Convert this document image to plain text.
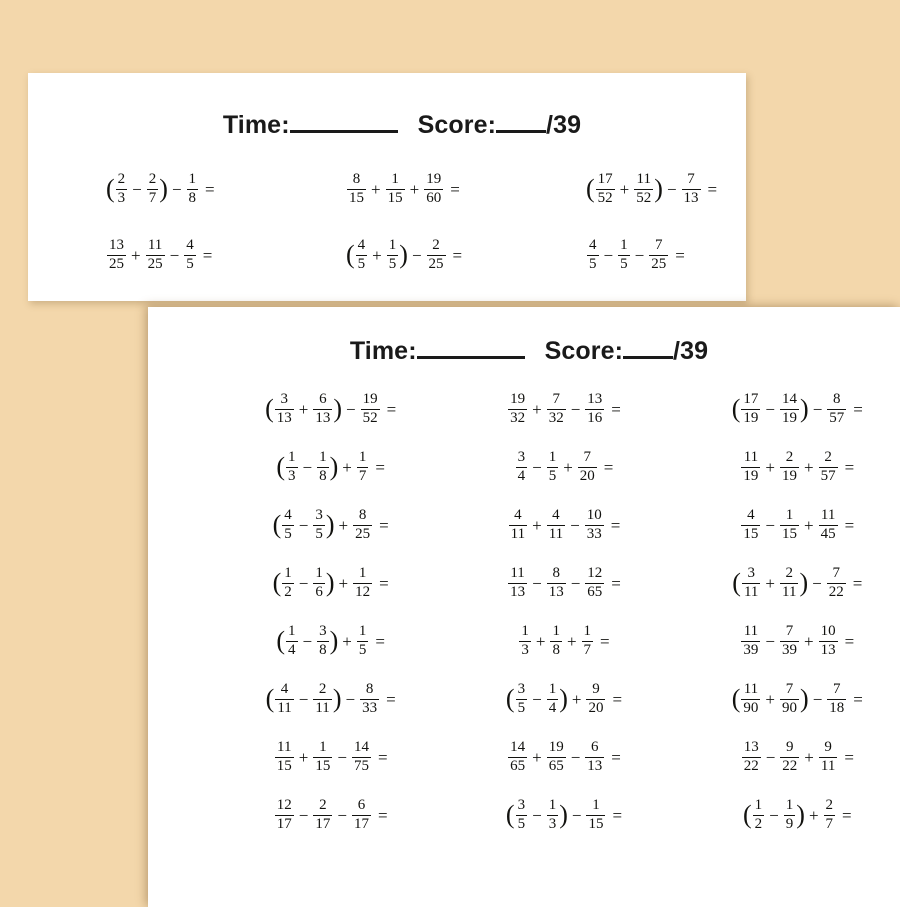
Time:	Score: /39
( $\frac{2}{3} - \frac{2}{7}$ ) − $\frac{1}{8}$ =	$\frac{8}{15} + \frac{1}{15} + \frac{19}{60}$ =	( $\frac{17}{52} + \frac{11}{52}$ ) − $\frac{7}{13}$ =
$\frac{13}{25} + \frac{11}{25} - \frac{4}{5}$ =	( $\frac{4}{5} + \frac{1}{5}$ ) − $\frac{2}{25}$ =	$\frac{4}{5} - \frac{1}{5} - \frac{7}{25}$ =
Time:	Score: /39
( $\frac{3}{13} + \frac{6}{13}$ ) − $\frac{19}{52}$ =	$\frac{19}{32} + \frac{7}{32} - \frac{13}{16}$ =	( $\frac{17}{19} - \frac{14}{19}$ ) − $\frac{8}{57}$ =
( $\frac{1}{3} - \frac{1}{8}$ ) + $\frac{1}{7}$ =	$\frac{3}{4} - \frac{1}{5} + \frac{7}{20}$ =	$\frac{11}{19} + \frac{2}{19} + \frac{2}{57}$ =
( $\frac{4}{5} - \frac{3}{5}$ ) + $\frac{8}{25}$ =	$\frac{4}{11} + \frac{4}{11} - \frac{10}{33}$ =	$\frac{4}{15} - \frac{1}{15} + \frac{11}{45}$ =
( $\frac{1}{2} - \frac{1}{6}$ ) + $\frac{1}{12}$ =	$\frac{11}{13} - \frac{8}{13} - \frac{12}{65}$ =	( $\frac{3}{11} + \frac{2}{11}$ ) − $\frac{7}{22}$ =
( $\frac{1}{4} - \frac{3}{8}$ ) + $\frac{1}{5}$ =	$\frac{1}{3} + \frac{1}{8} + \frac{1}{7}$ =	$\frac{11}{39} - \frac{7}{39} + \frac{10}{13}$ =
( $\frac{4}{11} - \frac{2}{11}$ ) − $\frac{8}{33}$ =	( $\frac{3}{5} - \frac{1}{4}$ ) + $\frac{9}{20}$ =	( $\frac{11}{90} + \frac{7}{90}$ ) − $\frac{7}{18}$ =
$\frac{11}{15} + \frac{1}{15} - \frac{14}{75}$ =	$\frac{14}{65} + \frac{19}{65} - \frac{6}{13}$ =	$\frac{13}{22} - \frac{9}{22} + \frac{9}{11}$ =
$\frac{12}{17} - \frac{2}{17} - \frac{6}{17}$ =	( $\frac{3}{5} - \frac{1}{3}$ ) − $\frac{1}{15}$ =	( $\frac{1}{2} - \frac{1}{9}$ ) + $\frac{2}{7}$ =
